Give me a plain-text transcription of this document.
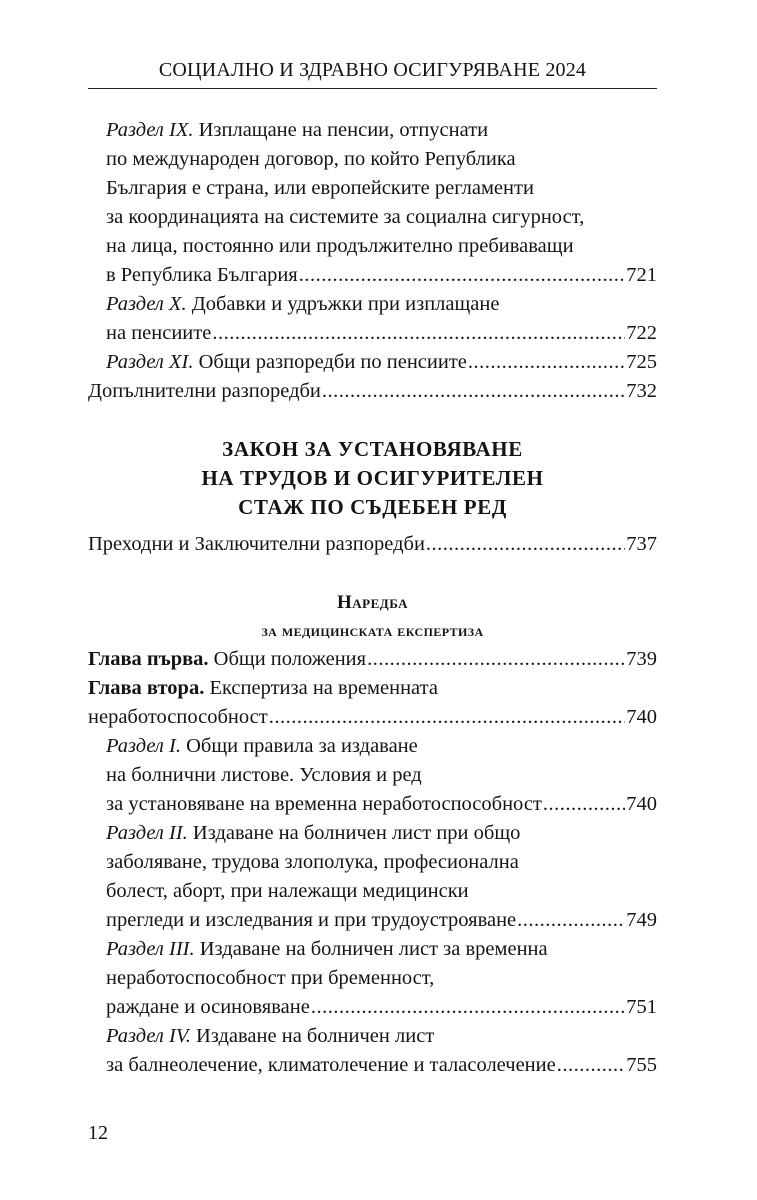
СОЦИАЛНО И ЗДРАВНО ОСИГУРЯВАНЕ 2024
Раздел IX. Изплащане на пенсии, отпуснати
по международен договор, по който Република
България е страна, или европейските регламенти
за координацията на системите за социална сигурност,
на лица, постоянно или продължително пребиваващи
в Република България .....	721
Раздел X. Добавки и удръжки при изплащане
на пенсиите .....	722
Раздел XI. Общи разпоредби по пенсиите .....	725
Допълнителни разпоредби .....	732
ЗАКОН ЗА УСТАНОВЯВАНЕ
НА ТРУДОВ И ОСИГУРИТЕЛЕН
СТАЖ ПО СЪДЕБЕН РЕД
Преходни и Заключителни разпоредби .....	737
Наредба
за медицинската експертиза
Глава първа. Общи положения .....	739
Глава втора. Експертиза на временната
неработоспособност .....	740
Раздел I. Общи правила за издаване
на болнични листове. Условия и ред
за установяване на временна неработоспособност .....	740
Раздел II. Издаване на болничен лист при общо
заболяване, трудова злополука, професионална
болест, аборт, при належащи медицински
прегледи и изследвания и при трудоустрояване .....	749
Раздел III. Издаване на болничен лист за временна
неработоспособност при бременност,
раждане и осиновяване .....	751
Раздел IV. Издаване на болничен лист
за балнеолечение, климатолечение и таласолечение .....	755
12
